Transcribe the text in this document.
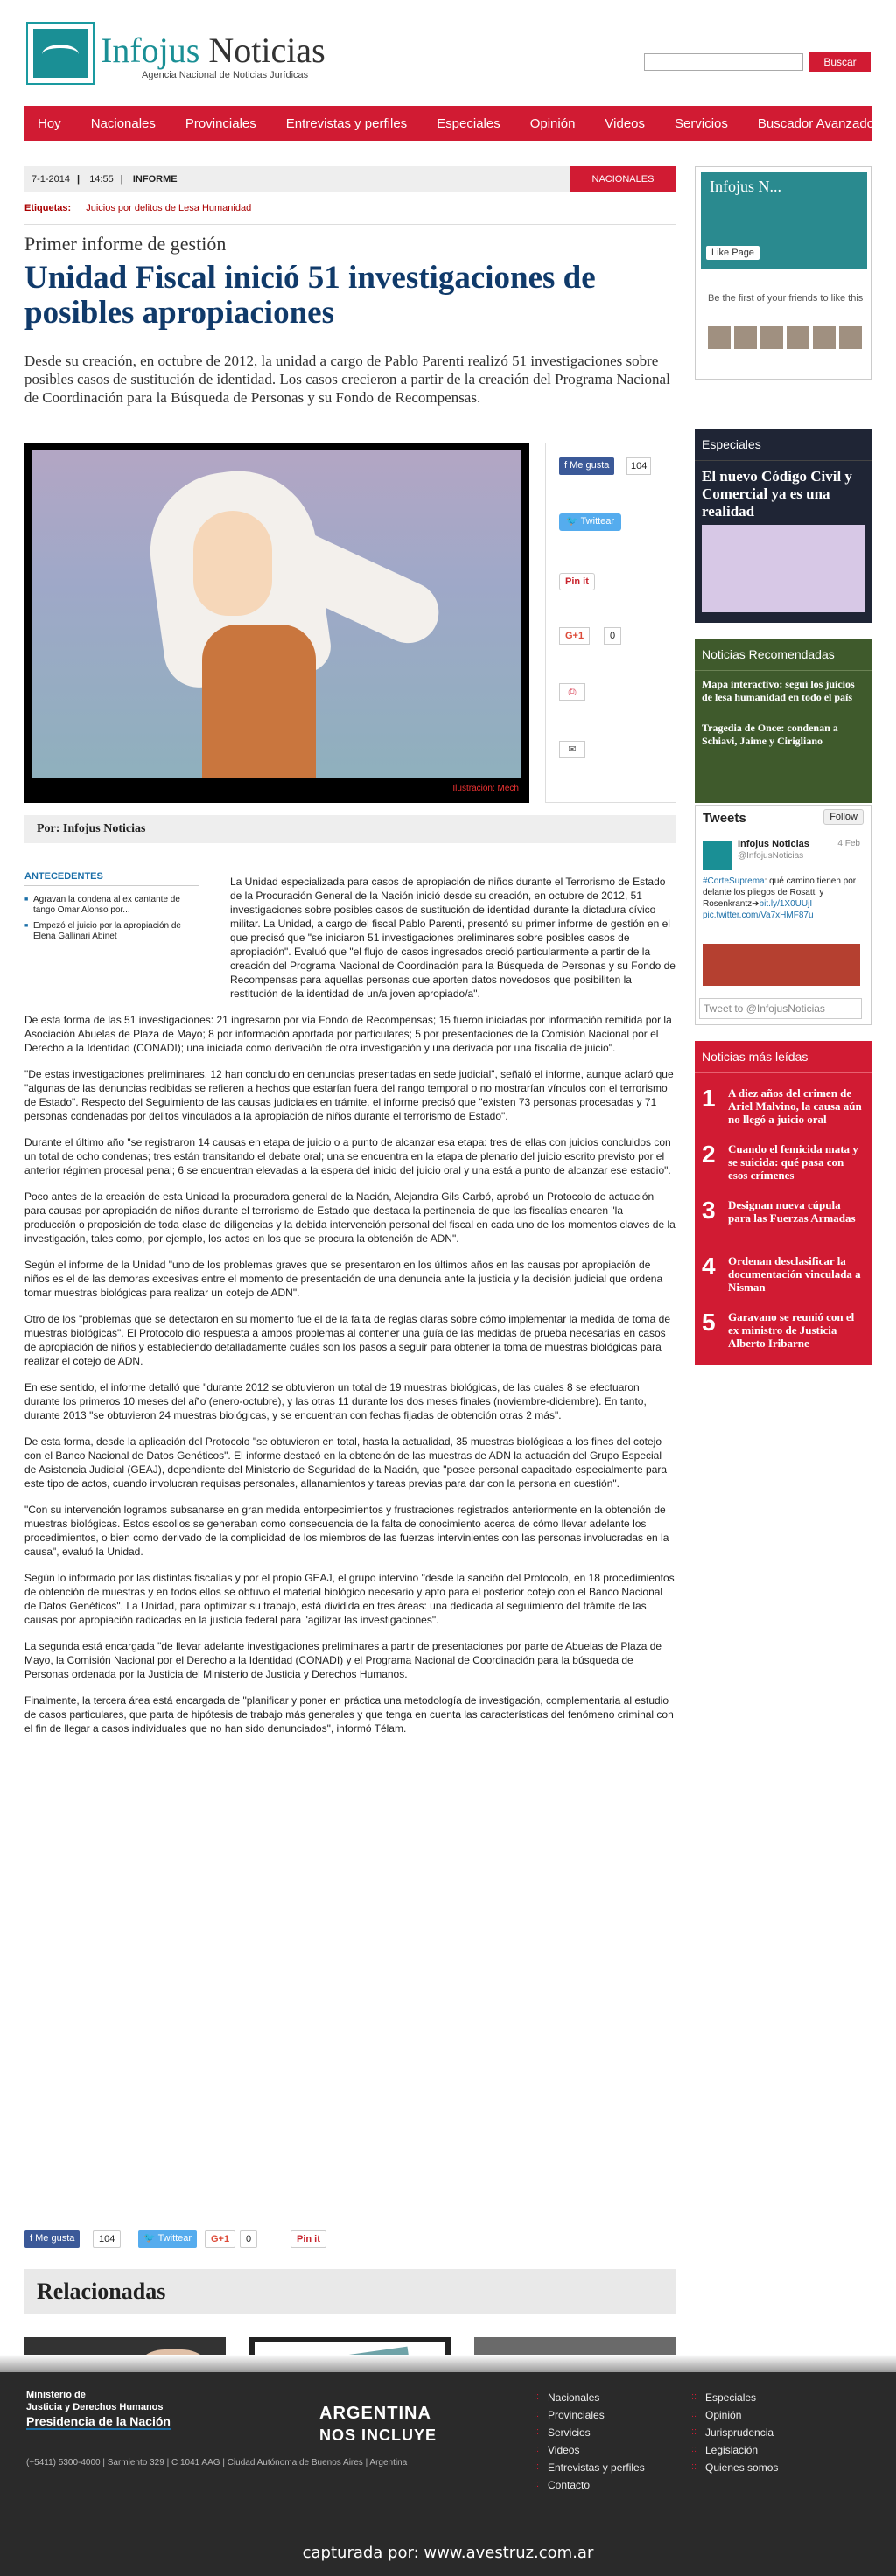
Infojus Noticias
Agencia Nacional de Noticias Jurídicas
Buscar
Hoy Nacionales Provinciales Entrevistas y perfiles Especiales Opinión Videos Servicios Buscador Avanzado
7-1-2014 | 14:55 | INFORME	NACIONALES
Etiquetas: Juicios por delitos de Lesa Humanidad
Primer informe de gestión
Unidad Fiscal inició 51 investigaciones de posibles apropiaciones
Desde su creación, en octubre de 2012, la unidad a cargo de Pablo Parenti realizó 51 investigaciones sobre posibles casos de sustitución de identidad. Los casos crecieron a partir de la creación del Programa Nacional de Coordinación para la Búsqueda de Personas y su Fondo de Recompensas.
Ilustración: Mech
f Me gusta	104
🐦 Twittear
Pin it
G+1	0
⎙
✉
Por: Infojus Noticias

La Unidad especializada para casos de apropiación de niños durante el Terrorismo de Estado de la Procuración General de la Nación inició desde su creación, en octubre de 2012, 51 investigaciones sobre posibles casos de sustitución de identidad durante la dictadura cívico militar. La Unidad, a cargo del fiscal Pablo Parenti, presentó su primer informe de gestión en el que precisó que "se iniciaron 51 investigaciones preliminares sobre posibles casos de apropiación". Evaluó que "el flujo de casos ingresados creció particularmente a partir de la creación del Programa Nacional de Coordinación para la Búsqueda de Personas y su Fondo de Recompensas para aquellas personas que aporten datos novedosos que posibiliten la restitución de la identidad de un/a joven apropiado/a".

De esta forma de las 51 investigaciones: 21 ingresaron por vía Fondo de Recompensas; 15 fueron iniciadas por información remitida por la Asociación Abuelas de Plaza de Mayo; 8 por información aportada por particulares; 5 por presentaciones de la Comisión Nacional por el Derecho a la Identidad (CONADI); una iniciada como derivación de otra investigación y una derivada por una fiscalía de juicio".

"De estas investigaciones preliminares, 12 han concluido en denuncias presentadas en sede judicial", señaló el informe, aunque aclaró que "algunas de las denuncias recibidas se refieren a hechos que estarían fuera del rango temporal o no mostrarían vínculos con el terrorismo de Estado". Respecto del Seguimiento de las causas judiciales en trámite, el informe precisó que "existen 73 personas procesadas y 71 personas condenadas por delitos vinculados a la apropiación de niños durante el terrorismo de Estado".

Durante el último año "se registraron 14 causas en etapa de juicio o a punto de alcanzar esa etapa: tres de ellas con juicios concluidos con un total de ocho condenas; tres están transitando el debate oral; una se encuentra en la etapa de plenario del juicio escrito previsto por el anterior régimen procesal penal; 6 se encuentran elevadas a la espera del inicio del juicio oral y una está a punto de alcanzar ese estadio".

Poco antes de la creación de esta Unidad la procuradora general de la Nación, Alejandra Gils Carbó, aprobó un Protocolo de actuación para causas por apropiación de niños durante el terrorismo de Estado que destaca la pertinencia de que las fiscalías encaren "la producción o proposición de toda clase de diligencias y la debida intervención personal del fiscal en cada uno de los momentos claves de la investigación, tales como, por ejemplo, los actos en los que se procura la obtención de ADN".

Según el informe de la Unidad "uno de los problemas graves que se presentaron en los últimos años en las causas por apropiación de niños es el de las demoras excesivas entre el momento de presentación de una denuncia ante la justicia y la decisión judicial que ordena tomar muestras biológicas para realizar un cotejo de ADN".

Otro de los "problemas que se detectaron en su momento fue el de la falta de reglas claras sobre cómo implementar la medida de toma de muestras biológicas". El Protocolo dio respuesta a ambos problemas al contener una guía de las medidas de prueba necesarias en casos de apropiación de niños y estableciendo detalladamente cuáles son los pasos a seguir para obtener la toma de muestras biológicas para realizar el cotejo de ADN.

En ese sentido, el informe detalló que "durante 2012 se obtuvieron un total de 19 muestras biológicas, de las cuales 8 se efectuaron durante los primeros 10 meses del año (enero-octubre), y las otras 11 durante los dos meses finales (noviembre-diciembre). En tanto, durante 2013 "se obtuvieron 24 muestras biológicas, y se encuentran con fechas fijadas de obtención otras 2 más".

De esta forma, desde la aplicación del Protocolo "se obtuvieron en total, hasta la actualidad, 35 muestras biológicas a los fines del cotejo con el Banco Nacional de Datos Genéticos". El informe destacó en la obtención de las muestras de ADN la actuación del Grupo Especial de Asistencia Judicial (GEAJ), dependiente del Ministerio de Seguridad de la Nación, que "posee personal capacitado especialmente para este tipo de actos, cuando involucran requisas personales, allanamientos y tareas previas para dar con la persona en cuestión".

"Con su intervención logramos subsanarse en gran medida entorpecimientos y frustraciones registrados anteriormente en la obtención de muestras biológicas. Estos escollos se generaban como consecuencia de la falta de conocimiento acerca de cómo llevar adelante los procedimientos, o bien como derivado de la complicidad de los miembros de las fuerzas intervinientes con las personas involucradas en la causa", evaluó la Unidad.

Según lo informado por las distintas fiscalías y por el propio GEAJ, el grupo intervino "desde la sanción del Protocolo, en 18 procedimientos de obtención de muestras y en todos ellos se obtuvo el material biológico necesario y apto para el posterior cotejo con el Banco Nacional de Datos Genéticos". La Unidad, para optimizar su trabajo, está dividida en tres áreas: una dedicada al seguimiento del trámite de las causas por apropiación radicadas en la justicia federal para "agilizar las investigaciones".

La segunda está encargada "de llevar adelante investigaciones preliminares a partir de presentaciones por parte de Abuelas de Plaza de Mayo, la Comisión Nacional por el Derecho a la Identidad (CONADI) y el Programa Nacional de Coordinación para la búsqueda de Personas ordenada por la Justicia del Ministerio de Justicia y Derechos Humanos.

Finalmente, la tercera área está encargada de "planificar y poner en práctica una metodología de investigación, complementaria al estudio de casos particulares, que parta de hipótesis de trabajo más generales y que tenga en cuenta las características del fenómeno criminal con el fin de llegar a casos individuales que no han sido denunciados", informó Télam.

ANTECEDENTES
■ Agravan la condena al ex cantante de tango Omar Alonso por...
■ Empezó el juicio por la apropiación de Elena Gallinari Abinet
f Me gusta	104	🐦 Twittear	G+1	0	Pin it
Relacionadas
Infojus N...
Like Page
Be the first of your friends to like this
Especiales
El nuevo Código Civil y Comercial ya es una realidad
Noticias Recomendadas
Mapa interactivo: seguí los juicios de lesa humanidad en todo el país
Tragedia de Once: condenan a Schiavi, Jaime y Cirigliano
Tweets	Follow
Infojus Noticias
@InfojusNoticias
4 Feb
#CorteSuprema: qué camino tienen por delante los pliegos de Rosatti y Rosenkrantz➔bit.ly/1X0UUjI
pic.twitter.com/Va7xHMF87u
Tweet to @InfojusNoticias
Noticias más leídas
1 A diez años del crimen de Ariel Malvino, la causa aún no llegó a juicio oral
2 Cuando el femicida mata y se suicida: qué pasa con esos crímenes
3 Designan nueva cúpula para las Fuerzas Armadas
4 Ordenan desclasificar la documentación vinculada a Nisman
5 Garavano se reunió con el ex ministro de Justicia Alberto Iribarne
Ministerio de
Justicia y Derechos Humanos
Presidencia de la Nación	ARGENTINA
NOS INCLUYE
(+5411) 5300-4000 | Sarmiento 329 | C 1041 AAG | Ciudad Autónoma de Buenos Aires | Argentina
:: Nacionales
:: Provinciales
:: Servicios
:: Videos
:: Entrevistas y perfiles
:: Contacto
:: Especiales
:: Opinión
:: Jurisprudencia
:: Legislación
:: Quienes somos
capturada por: www.avestruz.com.ar
